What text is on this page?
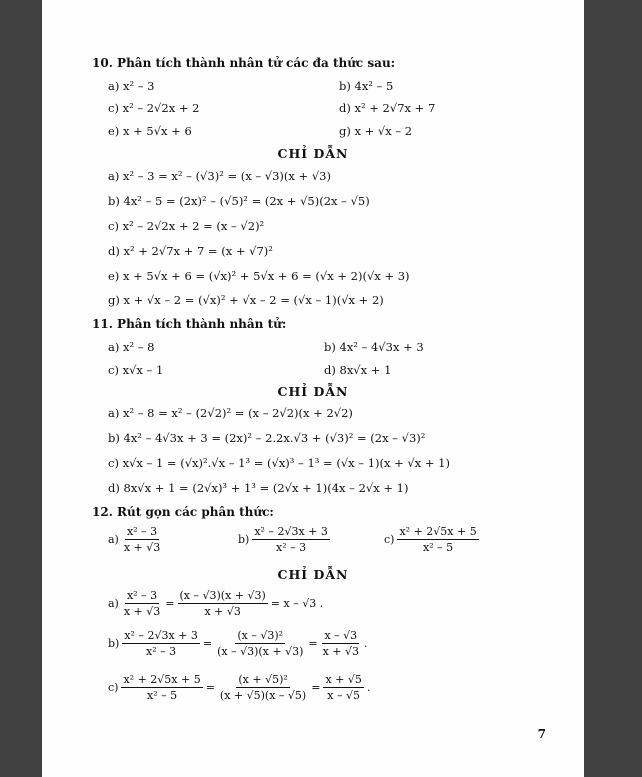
10. Phân tích thành nhân tử các đa thức sau:
a) x² – 3	b) 4x² – 5
c) x² – 2√2x + 2	d) x² + 2√7x + 7
e) x + 5√x + 6	g) x + √x – 2
CHỈ DẪN
a) x² – 3 = x² – (√3)² = (x – √3)(x + √3)
b) 4x² – 5 = (2x)² – (√5)² = (2x + √5)(2x – √5)
c) x² – 2√2x + 2 = (x – √2)²
d) x² + 2√7x + 7 = (x + √7)²
e) x + 5√x + 6 = (√x)² + 5√x + 6 = (√x + 2)(√x + 3)
g) x + √x – 2 = (√x)² + √x – 2 = (√x – 1)(√x + 2)
11. Phân tích thành nhân tử:
a) x² – 8	b) 4x² – 4√3x + 3
c) x√x – 1	d) 8x√x + 1
CHỈ DẪN
a) x² – 8 = x² – (2√2)² = (x – 2√2)(x + 2√2)
b) 4x² – 4√3x + 3 = (2x)² – 2.2x.√3 + (√3)² = (2x – √3)²
c) x√x – 1 = (√x)².√x – 1³ = (√x)³ – 1³ = (√x – 1)(x + √x + 1)
d) 8x√x + 1 = (2√x)³ + 1³ = (2√x + 1)(4x – 2√x + 1)
12. Rút gọn các phân thức:
$a) \frac{\text{x² – 3}}{x + √3}$	$b) \frac{\text{x² – 2√3x + 3}}{\text{x² – 3}}$	$c) \frac{\text{x² + 2√5x + 5}}{\text{x² – 5}}$
CHỈ DẪN
$a) \frac{\text{x² – 3}}{x + √3} = \frac{(x - √3)(x + √3)}{x + √3} = x - √3$ .
$b) \frac{\text{x² – 2√3x + 3}}{\text{x² – 3}} = \frac{\text{(x – √3)²}}{(x - √3)(x + √3)} = \frac{x - √3}{x + √3}$ .
$c) \frac{\text{x² + 2√5x + 5}}{\text{x² – 5}} = \frac{\text{(x + √5)²}}{(x + √5)(x - √5)} = \frac{x + √5}{x - √5}$ .
7
